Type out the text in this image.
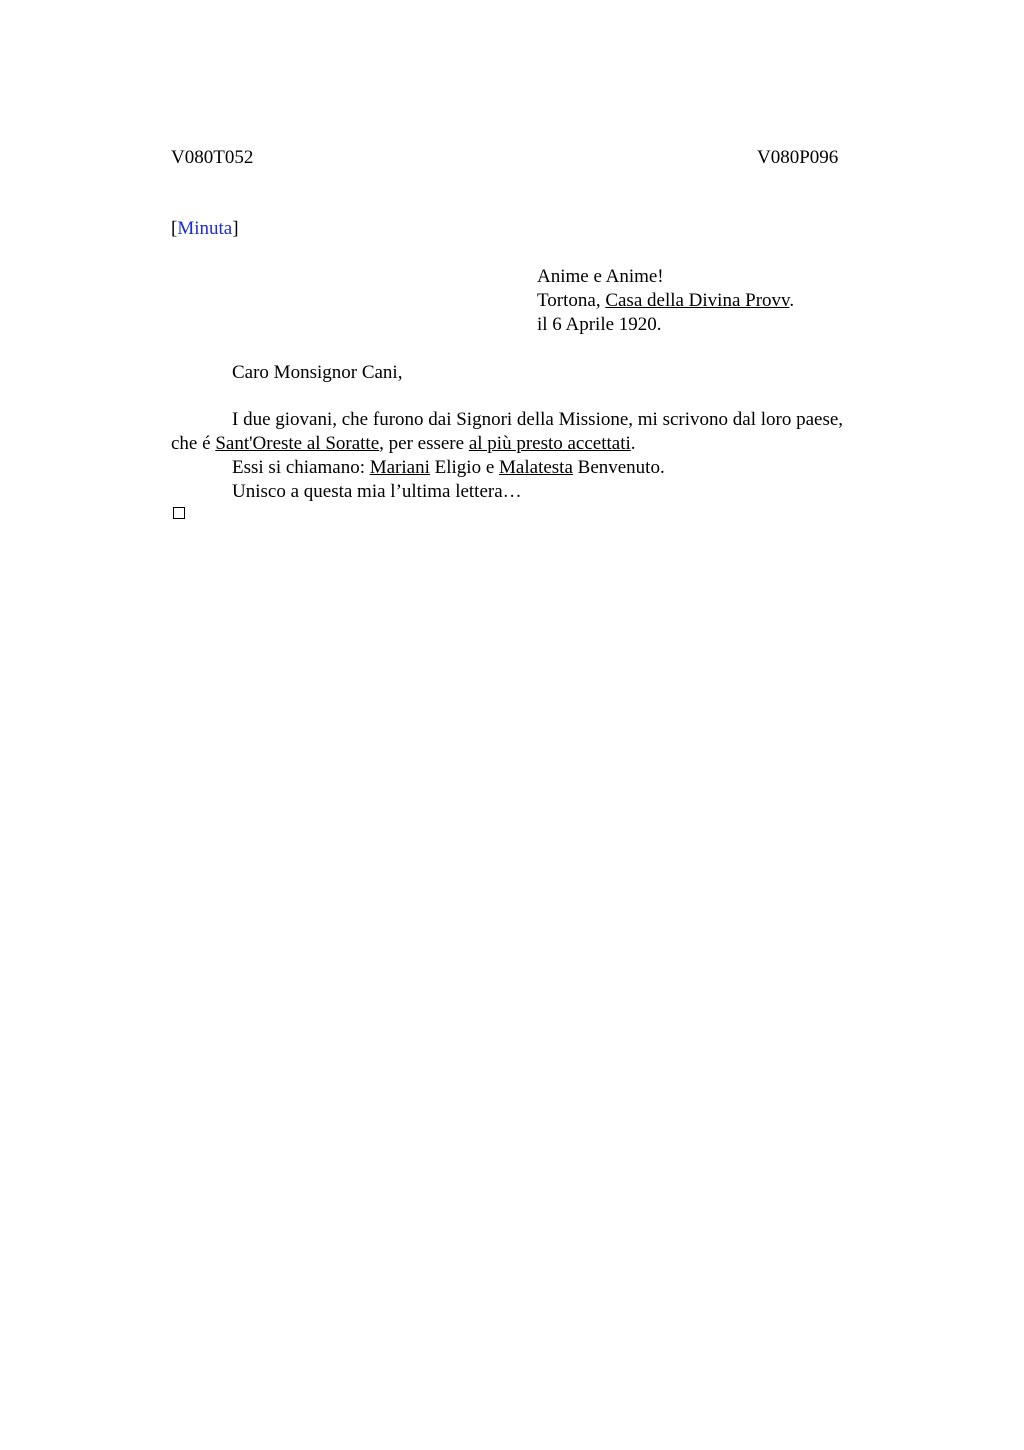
V080T052	V080P096
[Minuta]
Anime e Anime!
Tortona, Casa della Divina Provv.
il 6 Aprile 1920.
Caro Monsignor Cani,
I due giovani, che furono dai Signori della Missione, mi scrivono dal loro paese,
che é Sant'Oreste al Soratte, per essere al più presto accettati.
Essi si chiamano: Mariani Eligio e Malatesta Benvenuto.
Unisco a questa mia l’ultima lettera…
